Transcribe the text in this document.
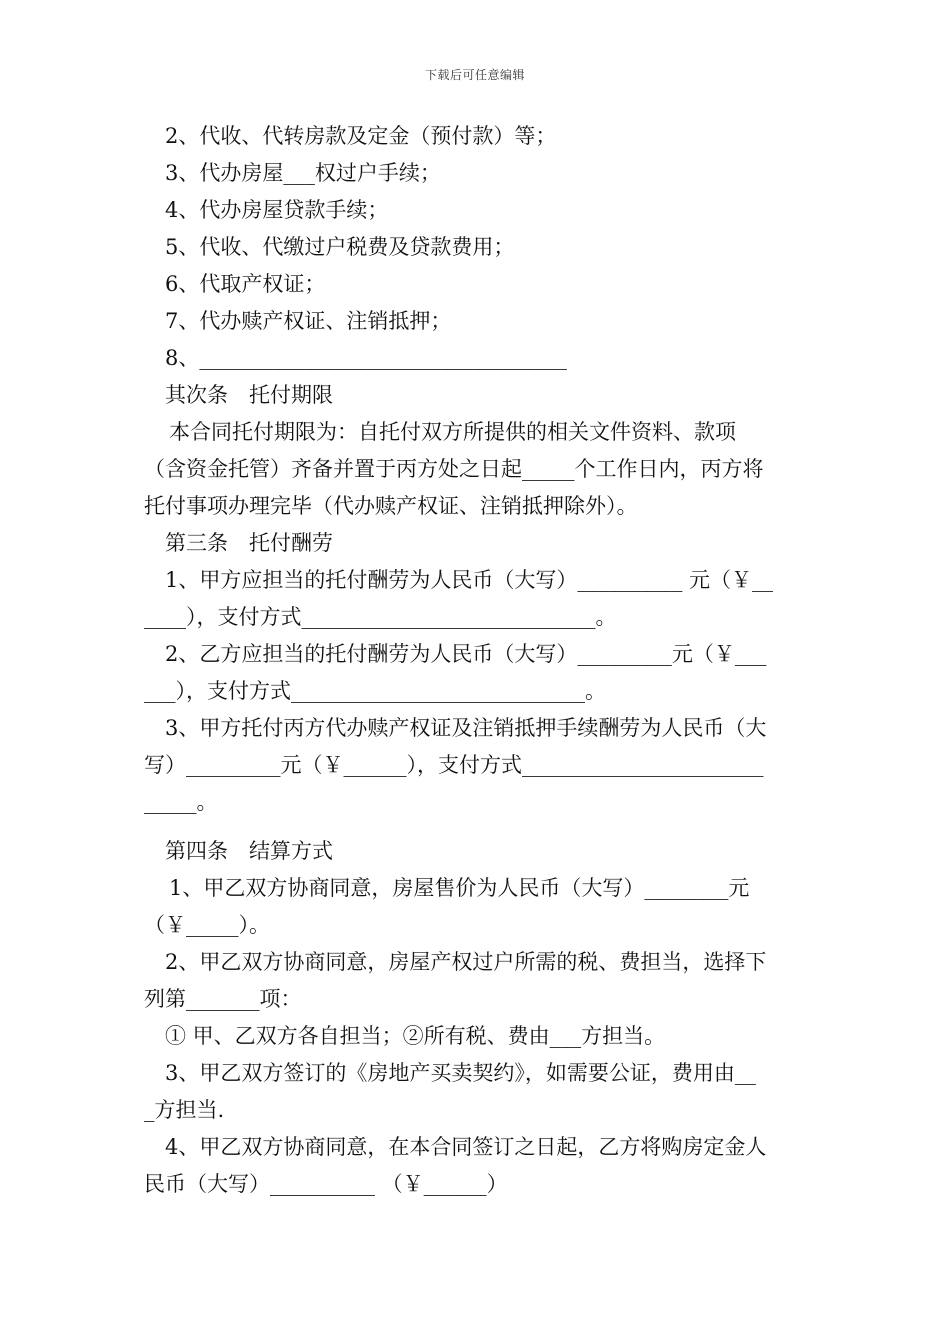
下载后可任意编辑
2、代收、代转房款及定金（预付款）等；
3、代办房屋___权过户手续；
4、代办房屋贷款手续；
5、代收、代缴过户税费及贷款费用；
6、代取产权证；
7、代办赎产权证、注销抵押；
8、___________________________________
其次条　托付期限
本合同托付期限为：自托付双方所提供的相关文件资料、款项
（含资金托管）齐备并置于丙方处之日起_____个工作日内，丙方将
托付事项办理完毕（代办赎产权证、注销抵押除外）。
第三条　托付酬劳
1、甲方应担当的托付酬劳为人民币（大写）__________ 元（￥__
____），支付方式____________________________。
2、乙方应担当的托付酬劳为人民币（大写）_________元（￥___
___），支付方式____________________________。
3、甲方托付丙方代办赎产权证及注销抵押手续酬劳为人民币（大
写）_________元（￥______），支付方式_______________________
_____。
第四条　结算方式
1、甲乙双方协商同意，房屋售价为人民币（大写）________元
（￥_____）。
2、甲乙双方协商同意，房屋产权过户所需的税、费担当，选择下
列第_______项：
① 甲、乙双方各自担当；②所有税、费由___方担当。
3、甲乙双方签订的《房地产买卖契约》，如需要公证，费用由__
_方担当.
4、甲乙双方协商同意，在本合同签订之日起，乙方将购房定金人
民币（大写）__________ （￥______）
